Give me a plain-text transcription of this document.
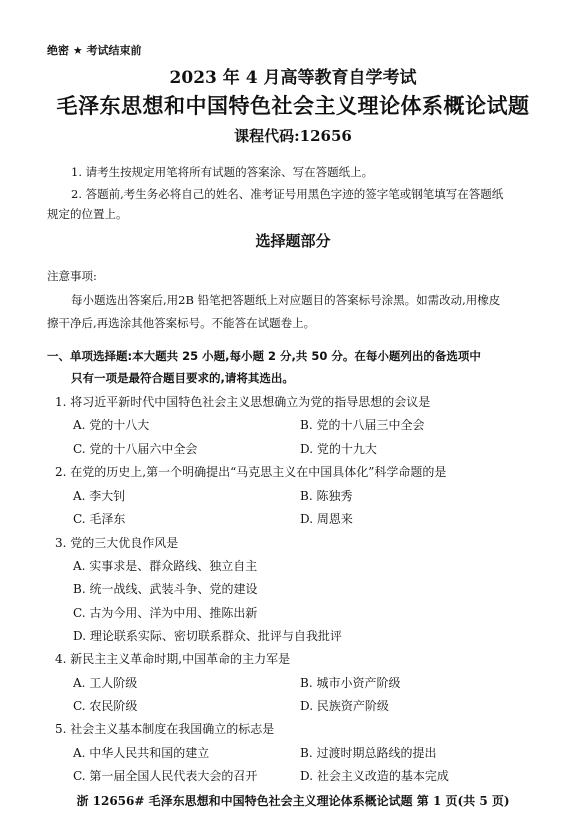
绝密 ★ 考试结束前
2023 年 4 月高等教育自学考试
毛泽东思想和中国特色社会主义理论体系概论试题
课程代码:12656
1. 请考生按规定用笔将所有试题的答案涂、写在答题纸上。
2. 答题前,考生务必将自己的姓名、准考证号用黑色字迹的签字笔或钢笔填写在答题纸
规定的位置上。
选择题部分
注意事项:
每小题选出答案后,用2B 铅笔把答题纸上对应题目的答案标号涂黑。如需改动,用橡皮
擦干净后,再选涂其他答案标号。不能答在试题卷上。
一、单项选择题:本大题共 25 小题,每小题 2 分,共 50 分。在每小题列出的备选项中
只有一项是最符合题目要求的,请将其选出。
1. 将习近平新时代中国特色社会主义思想确立为党的指导思想的会议是
A. 党的十八大	B. 党的十八届三中全会
C. 党的十八届六中全会	D. 党的十九大
2. 在党的历史上,第一个明确提出“马克思主义在中国具体化”科学命题的是
A. 李大钊	B. 陈独秀
C. 毛泽东	D. 周恩来
3. 党的三大优良作风是
A. 实事求是、群众路线、独立自主
B. 统一战线、武装斗争、党的建设
C. 古为今用、洋为中用、推陈出新
D. 理论联系实际、密切联系群众、批评与自我批评
4. 新民主主义革命时期,中国革命的主力军是
A. 工人阶级	B. 城市小资产阶级
C. 农民阶级	D. 民族资产阶级
5. 社会主义基本制度在我国确立的标志是
A. 中华人民共和国的建立	B. 过渡时期总路线的提出
C. 第一届全国人民代表大会的召开	D. 社会主义改造的基本完成
浙 12656# 毛泽东思想和中国特色社会主义理论体系概论试题 第 1 页(共 5 页)
